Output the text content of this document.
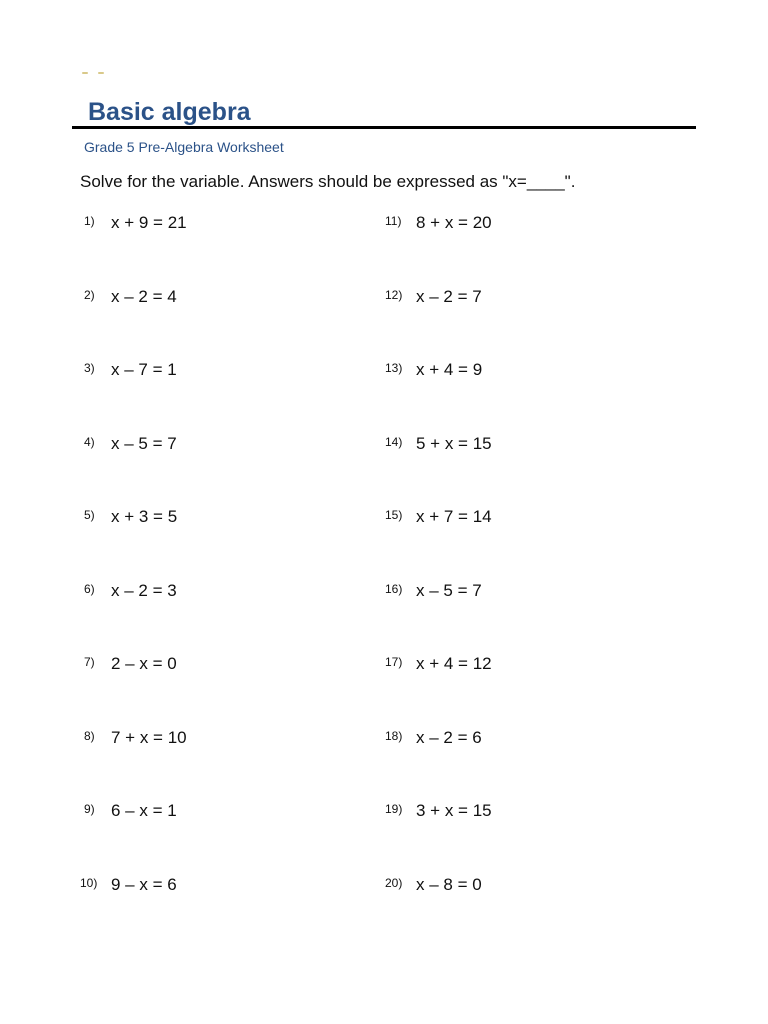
Basic algebra
Grade 5 Pre-Algebra Worksheet
Solve for the variable. Answers should be expressed as "x=____".
1) x + 9 = 21
2) x – 2 = 4
3) x – 7 = 1
4) x – 5 = 7
5) x + 3 = 5
6) x – 2 = 3
7) 2 – x = 0
8) 7 + x = 10
9) 6 – x = 1
10) 9 – x = 6
11) 8 + x = 20
12) x – 2 = 7
13) x + 4 = 9
14) 5 + x = 15
15) x + 7 = 14
16) x – 5 = 7
17) x + 4 = 12
18) x – 2 = 6
19) 3 + x = 15
20) x – 8 = 0
